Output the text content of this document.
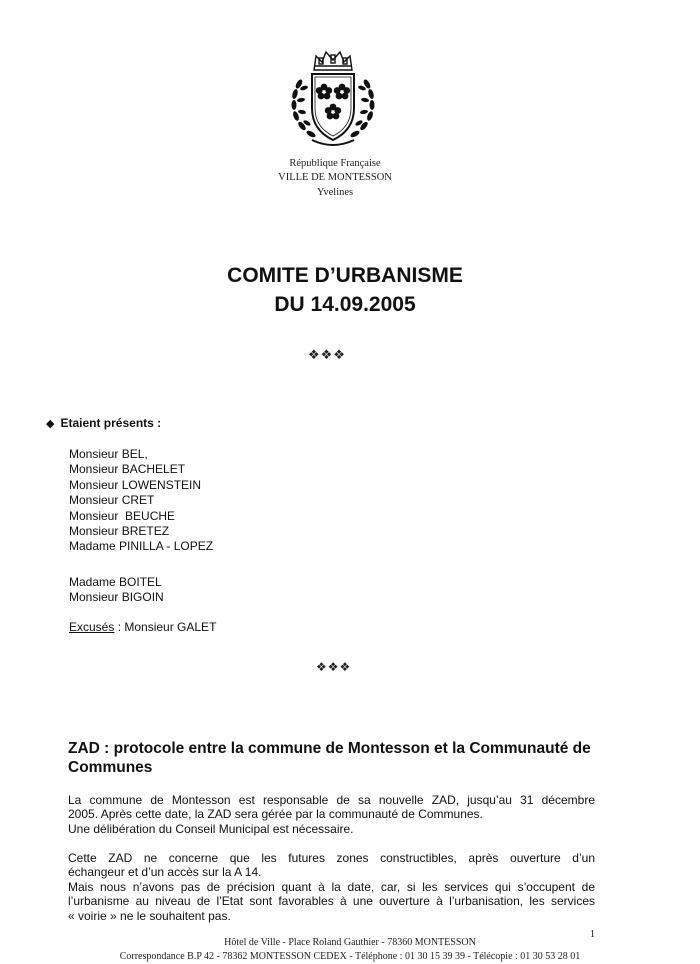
République Française
VILLE DE MONTESSON
Yvelines
COMITE D’URBANISME
DU 14.09.2005
❖❖❖
◆ Etaient présents :
Monsieur BEL,
Monsieur BACHELET
Monsieur LOWENSTEIN
Monsieur CRET
Monsieur  BEUCHE
Monsieur BRETEZ
Madame PINILLA - LOPEZ
Madame BOITEL
Monsieur BIGOIN
Excusés : Monsieur GALET
❖❖❖
ZAD : protocole entre la commune de Montesson et la Communauté de Communes
La commune de Montesson est responsable de sa nouvelle ZAD, jusqu’au 31 décembre
2005. Après cette date, la ZAD sera gérée par la communauté de Communes.
Une délibération du Conseil Municipal est nécessaire.
Cette ZAD ne concerne que les futures zones constructibles, après ouverture d’un
échangeur et d’un accès sur la A 14.
Mais nous n’avons pas de précision quant à la date, car, si les services qui s’occupent de
l’urbanisme au niveau de l’Etat sont favorables à une ouverture à l’urbanisation, les services
« voirie » ne le souhaitent pas.
1
Hôtel de Ville - Place Roland Gauthier - 78360 MONTESSON
Correspondance B.P 42 - 78362 MONTESSON CEDEX - Téléphone : 01 30 15 39 39 - Télécopie : 01 30 53 28 01
